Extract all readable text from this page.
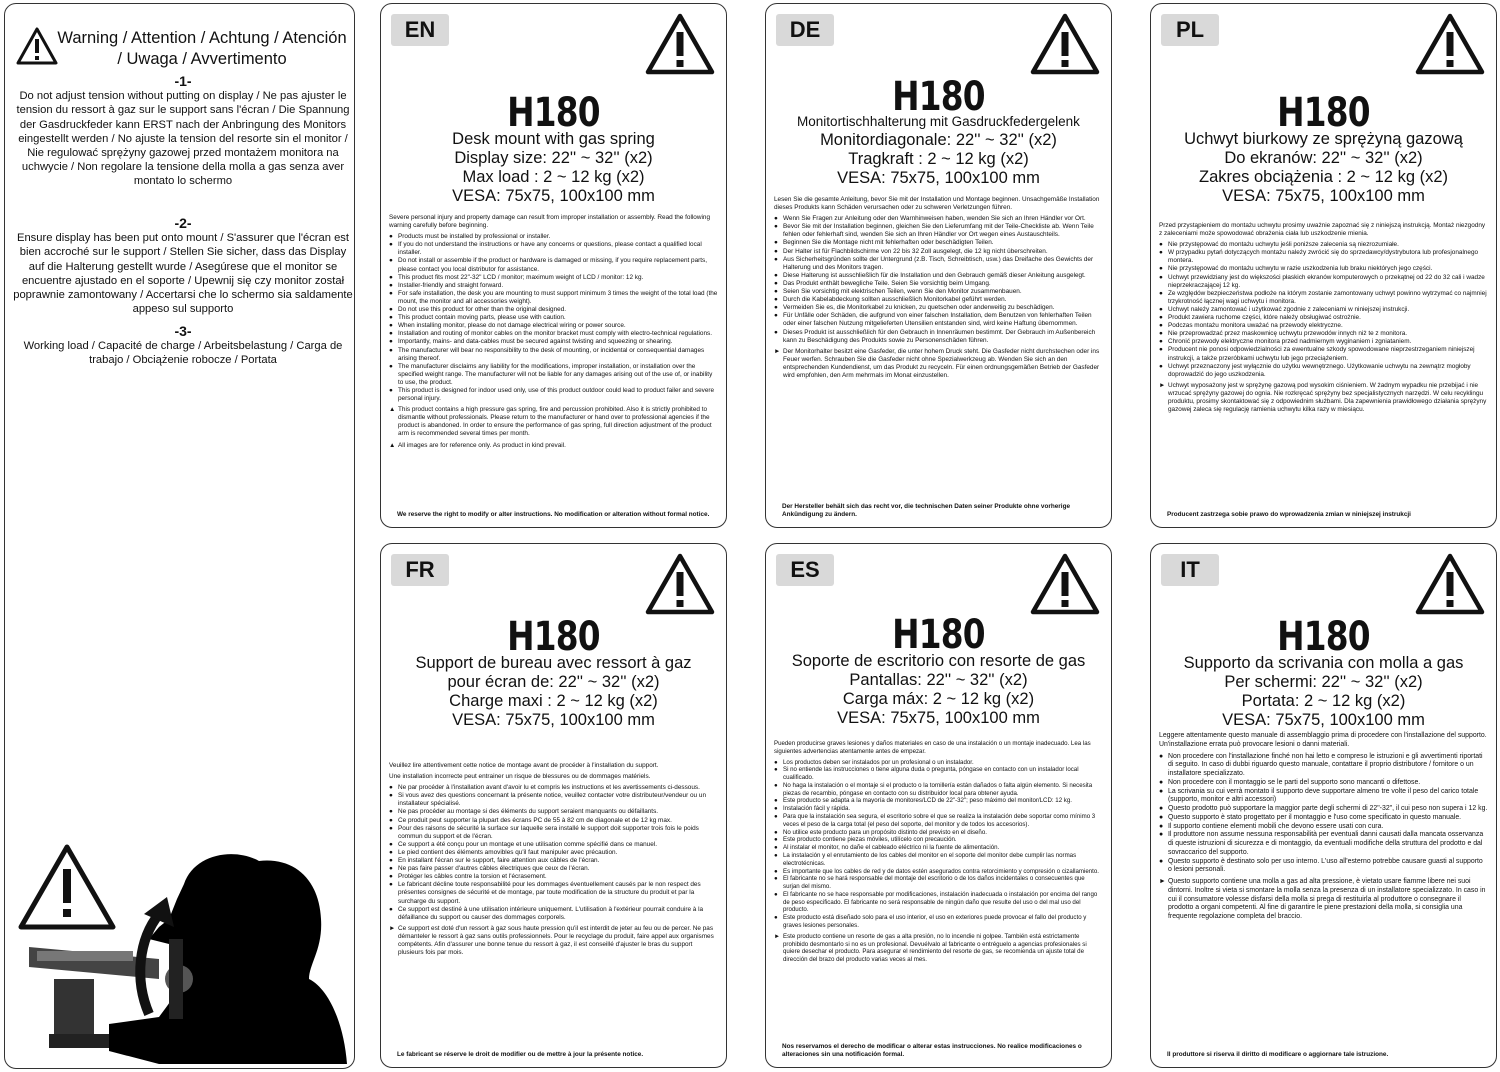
Warning / Attention / Achtung / Atención / Uwaga / Avvertimento
-1-
Do not adjust tension without putting on display / Ne pas ajuster le tension du ressort à gaz sur le support sans l'écran / Die Spannung der Gasdruckfeder kann ERST nach der Anbringung des Monitors eingestellt werden / No ajuste la tension del resorte sin el monitor / Nie regulować sprężyny gazowej przed montażem monitora na uchwycie / Non regolare la tensione della molla a gas senza aver montato lo schermo
-2-
Ensure display has been put onto mount / S'assurer que l'écran est bien accroché sur le support / Stellen Sie sicher, dass das Display auf die Halterung gestellt wurde / Asegúrese que el monitor se encuentre ajustado en el soporte / Upewnij się czy monitor został poprawnie zamontowany / Accertarsi che lo schermo sia saldamente appeso sul supporto
-3-
Working load / Capacité de charge / Arbeitsbelastung / Carga de trabajo / Obciążenie robocze / Portata
EN
H180
Desk mount with gas spring
Display size: 22'' ~ 32'' (x2)
Max load : 2 ~ 12 kg (x2)
VESA: 75x75, 100x100 mm

Severe personal injury and property damage can result from improper installation or assembly. Read the following warning carefully before beginning.

● Products must be installed by professional or installer.
● If you do not understand the instructions or have any concerns or questions, please contact a qualified local installer.
● Do not install or assemble if the product or hardware is damaged or missing, if you require replacement parts, please contact you local distributor for assistance.
● This product fits most 22"-32" LCD / monitor; maximum weight of LCD / monitor: 12 kg.
● Installer-friendly and straight forward.
● For safe installation, the desk you are mounting to must support minimum 3 times the weight of the total load (the mount, the monitor and all accessories weight).
● Do not use this product for other than the original designed.
● This product contain moving parts, please use with caution.
● When installing monitor, please do not damage electrical wiring or power source.
● Installation and routing of monitor cables on the monitor bracket must comply with electro-technical regulations.
● Importantly, mains- and data-cables must be secured against twisting and squeezing or shearing.
● The manufacturer will bear no responsibility to the desk of mounting, or incidental or consequential damages arising thereof.
● The manufacturer disclaims any liability for the modifications, improper installation, or installation over the specified weight range. The manufacturer will not be liable for any damages arising out of the use of, or inability to use, the product.
● This product is designed for indoor used only, use of this product outdoor could lead to product failer and severe personal injury.
▲ This product contains a high pressure gas spring, fire and percussion prohibited. Also it is strictly prohibited to dismantle without professionals. Please return to the manufacturer or hand over to professional agencies if the product is abandoned. In order to ensure the performance of gas spring, full direction adjustment of the product arm is recommended several times per month.
▲ All images are for reference only. As product in kind prevail.
We reserve the right to modify or alter instructions. No modification or alteration without formal notice.
DE
H180
Monitortischhalterung mit Gasdruckfedergelenk
Monitordiagonale: 22'' ~ 32'' (x2)
Tragkraft : 2 ~ 12 kg (x2)
VESA: 75x75, 100x100 mm

Lesen Sie die gesamte Anleitung, bevor Sie mit der Installation und Montage beginnen. Unsachgemäße Installation dieses Produkts kann Schäden verursachen oder zu schweren Verletzungen führen.

● Wenn Sie Fragen zur Anleitung oder den Warnhinweisen haben, wenden Sie sich an Ihren Händler vor Ort.
● Bevor Sie mit der Installation beginnen, gleichen Sie den Lieferumfang mit der Teile-Checkliste ab. Wenn Teile fehlen oder fehlerhaft sind, wenden Sie sich an Ihren Händler vor Ort wegen eines Austauschteils.
● Beginnen Sie die Montage nicht mit fehlerhaften oder beschädigten Teilen.
● Der Halter ist für Flachbildschirme von 22 bis 32 Zoll ausgelegt, die 12 kg nicht überschreiten.
● Aus Sicherheitsgründen sollte der Untergrund (z.B. Tisch, Schreibtisch, usw.) das Dreifache des Gewichts der Halterung und des Monitors tragen.
● Diese Halterung ist ausschließlich für die Installation und den Gebrauch gemäß dieser Anleitung ausgelegt.
● Das Produkt enthält bewegliche Teile. Seien Sie vorsichtig beim Umgang.
● Seien Sie vorsichtig mit elektrischen Teilen, wenn Sie den Monitor zusammenbauen.
● Durch die Kabelabdeckung sollten ausschließlich Monitorkabel geführt werden.
● Vermeiden Sie es, die Monitorkabel zu knicken, zu quetschen oder anderweitig zu beschädigen.
● Für Unfälle oder Schäden, die aufgrund von einer falschen Installation, dem Benutzen von fehlerhaften Teilen oder einer falschen Nutzung mitgelieferten Utensilien entstanden sind, wird keine Haftung übernommen.
● Dieses Produkt ist ausschließlich für den Gebrauch in Innenräumen bestimmt. Der Gebrauch im Außenbereich kann zu Beschädigung des Produkts sowie zu Personenschäden führen.
► Der Monitorhalter besitzt eine Gasfeder, die unter hohem Druck steht. Die Gasfeder nicht durchstechen oder ins Feuer werfen. Schrauben Sie die Gasfeder nicht ohne Spezialwerkzeug ab. Wenden Sie sich an den entsprechenden Kundendienst, um das Produkt zu recyceln. Für einen ordnungsgemäßen Betrieb der Gasfeder wird empfohlen, den Arm mehrmals im Monat einzustellen.
Der Hersteller behält sich das recht vor, die technischen Daten seiner Produkte ohne vorherige Ankündigung zu ändern.
PL
H180
Uchwyt biurkowy ze sprężyną gazową
Do ekranów: 22'' ~ 32'' (x2)
Zakres obciążenia : 2 ~ 12 kg (x2)
VESA: 75x75, 100x100 mm

Przed przystąpieniem do montażu uchwytu prosimy uważnie zapoznać się z niniejszą instrukcją. Montaż niezgodny z zaleceniami może spowodować obrażenia ciała lub uszkodzenie mienia.

● Nie przystępować do montażu uchwytu jeśli poniższe zalecenia są niezrozumiałe.
● W przypadku pytań dotyczących montażu należy zwrócić się do sprzedawcy/dystrybutora lub profesjonalnego montera.
● Nie przystępować do montażu uchwytu w razie uszkodzenia lub braku niektórych jego części.
● Uchwyt przewidziany jest do większości płaskich ekranów komputerowych o przekątnej od 22 do 32 cali i wadze nieprzekraczającej 12 kg.
● Ze względów bezpieczeństwa podłoże na którym zostanie zamontowany uchwyt powinno wytrzymać co najmniej trzykrotność łącznej wagi uchwytu i monitora.
● Uchwyt należy zamontować i użytkować zgodnie z zaleceniami w niniejszej instrukcji.
● Produkt zawiera ruchome części, które należy obsługiwać ostrożnie.
● Podczas montażu monitora uważać na przewody elektryczne.
● Nie przeprowadzać przez maskownicę uchwytu przewodów innych niż te z monitora.
● Chronić przewody elektryczne monitora przed nadmiernym wyginaniem i zgniataniem.
● Producent nie ponosi odpowiedzialności za ewentualne szkody spowodowane nieprzestrzeganiem niniejszej instrukcji, a także przeróbkami uchwytu lub jego przeciążeniem.
● Uchwyt przeznaczony jest wyłącznie do użytku wewnętrznego. Użytkowanie uchwytu na zewnątrz mogłoby doprowadzić do jego uszkodzenia.
► Uchwyt wyposażony jest w sprężynę gazową pod wysokim ciśnieniem. W żadnym wypadku nie przebijać i nie wrzucać sprężyny gazowej do ognia. Nie rozkręcać sprężyny bez specjalistycznych narzędzi. W celu recyklingu produktu, prosimy skontaktować się z odpowiednim służbami. Dla zapewnienia prawidłowego działania sprężyny gazowej zaleca się regulację ramienia uchwytu kilka razy w miesiącu.
Producent zastrzega sobie prawo do wprowadzenia zmian w niniejszej instrukcji
FR
H180
Support de bureau avec ressort à gaz
pour écran de: 22'' ~ 32'' (x2)
Charge maxi : 2 ~ 12 kg (x2)
VESA: 75x75, 100x100 mm

Veuillez lire attentivement cette notice de montage avant de procéder à l'installation du support.

Une installation incorrecte peut entrainer un risque de blessures ou de dommages matériels.

● Ne par procéder à l'installation avant d'avoir lu et compris les instructions et les avertissements ci-dessous.
● Si vous avez des questions concernant la présente notice, veuillez contacter votre distributeur/vendeur ou un installateur spécialisé.
● Ne pas procéder au montage si des éléments du support seraient manquants ou défaillants.
● Ce produit peut supporter la plupart des écrans PC de 55 à 82 cm de diagonale et de 12 kg max.
● Pour des raisons de sécurité la surface sur laquelle sera installé le support doit supporter trois fois le poids commun du support et de l'écran.
● Ce support a été conçu pour un montage et une utilisation comme spécifié dans ce manuel.
● Le pied contient des éléments amovibles qu'il faut manipuler avec précaution.
● En installant l'écran sur le support, faire attention aux câbles de l'écran.
● Ne pas faire passer d'autres câbles électriques que ceux de l'écran.
● Protéger les câbles contre la torsion et l'écrasement.
● Le fabricant décline toute responsabilité pour les dommages éventuellement causés par le non respect des présentes consignes de sécurité et de montage, par toute modification de la structure du produit et par la surcharge du support.
● Ce support est destiné à une utilisation intérieure uniquement. L'utilisation à l'extérieur pourrait conduire à la défaillance du support ou causer des dommages corporels.
► Ce support est doté d'un ressort à gaz sous haute pression qu'il est interdit de jeter au feu ou de percer. Ne pas démanteler le ressort à gaz sans outils professionnels. Pour le recyclage du produit, faire appel aux organismes compétents. Afin d'assurer une bonne tenue du ressort à gaz, il est conseillé d'ajuster le bras du support plusieurs fois par mois.
Le fabricant se réserve le droit de modifier ou de mettre à jour la présente notice.
ES
H180
Soporte de escritorio con resorte de gas
Pantallas: 22'' ~ 32'' (x2)
Carga máx: 2 ~ 12 kg (x2)
VESA: 75x75, 100x100 mm

Pueden producirse graves lesiones y daños materiales en caso de una instalación o un montaje inadecuado. Lea las siguientes advertencias atentamente antes de empezar.

● Los productos deben ser instalados por un profesional o un instalador.
● Si no entiende las instrucciones o tiene alguna duda o pregunta, póngase en contacto con un instalador local cualificado.
● No haga la instalación o el montaje si el producto o la tornillería están dañados o falta algún elemento. Si necesita piezas de recambio, póngase en contacto con su distribuidor local para obtener ayuda.
● Este producto se adapta a la mayoría de monitores/LCD de 22"-32"; peso máximo del monitor/LCD: 12 kg.
● Instalación fácil y rápida.
● Para que la instalación sea segura, el escritorio sobre el que se realiza la instalación debe soportar como mínimo 3 veces el peso de la carga total (el peso del soporte, del monitor y de todos los accesorios).
● No utilice este producto para un propósito distinto del previsto en el diseño.
● Este producto contiene piezas móviles, utilícelo con precaución.
● Al instalar el monitor, no dañe el cableado eléctrico ni la fuente de alimentación.
● La instalación y el enrutamiento de los cables del monitor en el soporte del monitor debe cumplir las normas electrotécnicas.
● Es importante que los cables de red y de datos estén asegurados contra retorcimiento y compresión o cizallamiento.
● El fabricante no se hará responsable del montaje del escritorio o de los daños incidentales o consecuentes que surjan del mismo.
● El fabricante no se hace responsable por modificaciones, instalación inadecuada o instalación por encima del rango de peso especificado. El fabricante no será responsable de ningún daño que resulte del uso o del mal uso del producto.
● Este producto está diseñado solo para el uso interior, el uso en exteriores puede provocar el fallo del producto y graves lesiones personales.
► Este producto contiene un resorte de gas a alta presión, no lo incendie ni golpee. También está estrictamente prohibido desmontarlo si no es un profesional. Devuélvalo al fabricante o entréguelo a agencias profesionales si quiere desechar el producto. Para asegurar el rendimiento del resorte de gas, se recomienda un ajuste total de dirección del brazo del producto varias veces al mes.
Nos reservamos el derecho de modificar o alterar estas instrucciones. No realice modificaciones o alteraciones sin una notificación formal.
IT
H180
Supporto da scrivania con molla a gas
Per schermi: 22'' ~ 32'' (x2)
Portata: 2 ~ 12 kg (x2)
VESA: 75x75, 100x100 mm

Leggere attentamente questo manuale di assemblaggio prima di procedere con l'installazione del supporto. Un'installazione errata può provocare lesioni o danni materiali.

● Non procedere con l'installazione finché non hai letto e compreso le istruzioni e gli avvertimenti riportati di seguito. In caso di dubbi riguardo questo manuale, contattare il proprio distributore / fornitore o un installatore specializzato.
● Non procedere con il montaggio se le parti del supporto sono mancanti o difettose.
● La scrivania su cui verrà montato il supporto deve supportare almeno tre volte il peso del carico totale (supporto, monitor e altri accessori)
● Questo prodotto può supportare la maggior parte degli schermi di 22"-32", il cui peso non supera i 12 kg.
● Questo supporto è stato progettato per il montaggio e l'uso come specificato in questo manuale.
● Il supporto contiene elementi mobili che devono essere usati con cura.
● Il produttore non assume nessuna responsabilità per eventuali danni causati dalla mancata osservanza di queste istruzioni di sicurezza e di montaggio, da eventuali modifiche della struttura del prodotto e dal sovraccarico del supporto.
● Questo supporto è destinato solo per uso interno. L'uso all'esterno potrebbe causare guasti al supporto o lesioni personali.
► Questo supporto contiene una molla a gas ad alta pressione, è vietato usare fiamme libere nei suoi dintorni. Inoltre si vieta si smontare la molla senza la presenza di un installatore specializzato. In caso in cui il consumatore volesse disfarsi della molla si prega di restituirla al produttore o consegnare il prodotto a organi competenti. Al fine di garantire le piene prestazioni della molla, si consiglia una frequente regolazione completa del braccio.
Il produttore si riserva il diritto di modificare o aggiornare tale istruzione.
